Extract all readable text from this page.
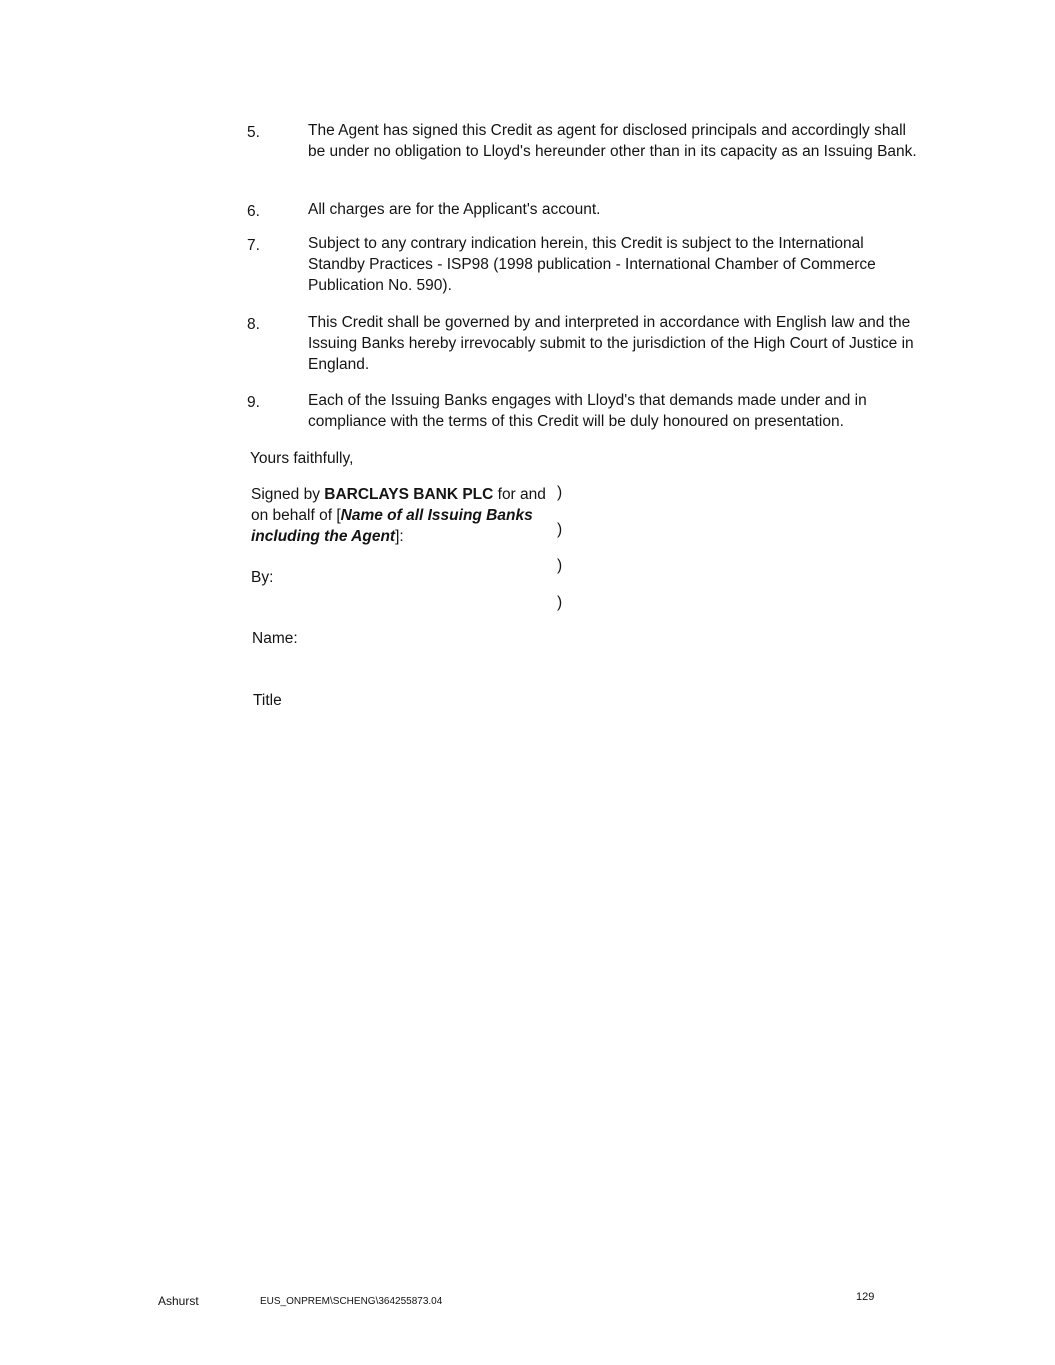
5.	The Agent has signed this Credit as agent for disclosed principals and accordingly shall be under no obligation to Lloyd's hereunder other than in its capacity as an Issuing Bank.
6.	All charges are for the Applicant's account.
7.	Subject to any contrary indication herein, this Credit is subject to the International Standby Practices - ISP98 (1998 publication - International Chamber of Commerce Publication No. 590).
8.	This Credit shall be governed by and interpreted in accordance with English law and the Issuing Banks hereby irrevocably submit to the jurisdiction of the High Court of Justice in England.
9.	Each of the Issuing Banks engages with Lloyd's that demands made under and in compliance with the terms of this Credit will be duly honoured on presentation.
Yours faithfully,
Signed by BARCLAYS BANK PLC for and on behalf of [Name of all Issuing Banks including the Agent]:
)
)
)
)
By:
Name:
Title
Ashurst	EUS_ONPREM\SCHENG\364255873.04	129
